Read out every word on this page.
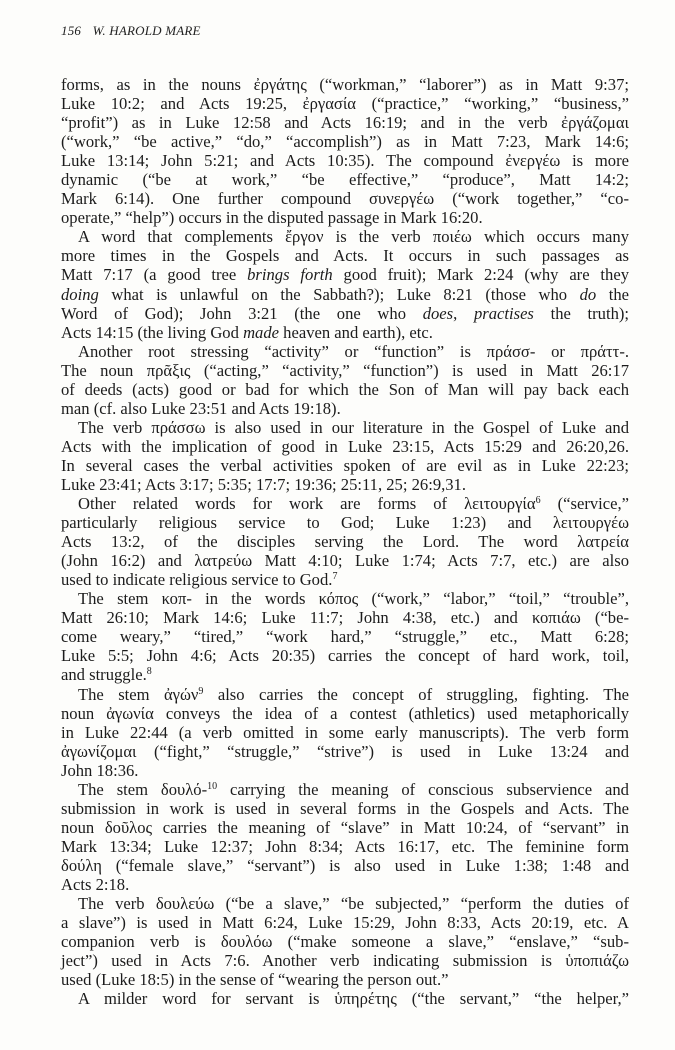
156 W. HAROLD MARE
forms, as in the nouns ἐργάτης (“workman,” “laborer”) as in Matt 9:37;
Luke 10:2; and Acts 19:25, ἐργασία (“practice,” “working,” “business,”
“profit”) as in Luke 12:58 and Acts 16:19; and in the verb ἐργάζομαι
(“work,” “be active,” “do,” “accomplish”) as in Matt 7:23, Mark 14:6;
Luke 13:14; John 5:21; and Acts 10:35). The compound ἐνεργέω is more
dynamic (“be at work,” “be effective,” “produce”, Matt 14:2;
Mark 6:14). One further compound συνεργέω (“work together,” “co-
operate,” “help”) occurs in the disputed passage in Mark 16:20.
A word that complements ἔργον is the verb ποιέω which occurs many
more times in the Gospels and Acts. It occurs in such passages as
Matt 7:17 (a good tree brings forth good fruit); Mark 2:24 (why are they
doing what is unlawful on the Sabbath?); Luke 8:21 (those who do the
Word of God); John 3:21 (the one who does, practises the truth);
Acts 14:15 (the living God made heaven and earth), etc.
Another root stressing “activity” or “function” is πράσσ- or πράττ-.
The noun πρᾶξις (“acting,” “activity,” “function”) is used in Matt 26:17
of deeds (acts) good or bad for which the Son of Man will pay back each
man (cf. also Luke 23:51 and Acts 19:18).
The verb πράσσω is also used in our literature in the Gospel of Luke and
Acts with the implication of good in Luke 23:15, Acts 15:29 and 26:20,26.
In several cases the verbal activities spoken of are evil as in Luke 22:23;
Luke 23:41; Acts 3:17; 5:35; 17:7; 19:36; 25:11, 25; 26:9,31.
Other related words for work are forms of λειτουργία$^6$ (“service,”
particularly religious service to God; Luke 1:23) and λειτουργέω
Acts 13:2, of the disciples serving the Lord. The word λατρεία
(John 16:2) and λατρεύω Matt 4:10; Luke 1:74; Acts 7:7, etc.) are also
used to indicate religious service to God.$^7$
The stem κοπ- in the words κόπος (“work,” “labor,” “toil,” “trouble”,
Matt 26:10; Mark 14:6; Luke 11:7; John 4:38, etc.) and κοπιάω (“be-
come weary,” “tired,” “work hard,” “struggle,” etc., Matt 6:28;
Luke 5:5; John 4:6; Acts 20:35) carries the concept of hard work, toil,
and struggle.$^8$
The stem ἀγών$^9$ also carries the concept of struggling, fighting. The
noun ἀγωνία conveys the idea of a contest (athletics) used metaphorically
in Luke 22:44 (a verb omitted in some early manuscripts). The verb form
ἀγωνίζομαι (“fight,” “struggle,” “strive”) is used in Luke 13:24 and
John 18:36.
The stem δουλό-$^{10}$ carrying the meaning of conscious subservience and
submission in work is used in several forms in the Gospels and Acts. The
noun δοῦλος carries the meaning of “slave” in Matt 10:24, of “servant” in
Mark 13:34; Luke 12:37; John 8:34; Acts 16:17, etc. The feminine form
δούλη (“female slave,” “servant”) is also used in Luke 1:38; 1:48 and
Acts 2:18.
The verb δουλεύω (“be a slave,” “be subjected,” “perform the duties of
a slave”) is used in Matt 6:24, Luke 15:29, John 8:33, Acts 20:19, etc. A
companion verb is δουλόω (“make someone a slave,” “enslave,” “sub-
ject”) used in Acts 7:6. Another verb indicating submission is ὑποπιάζω
used (Luke 18:5) in the sense of “wearing the person out.”
A milder word for servant is ὑπηρέτης (“the servant,” “the helper,”
